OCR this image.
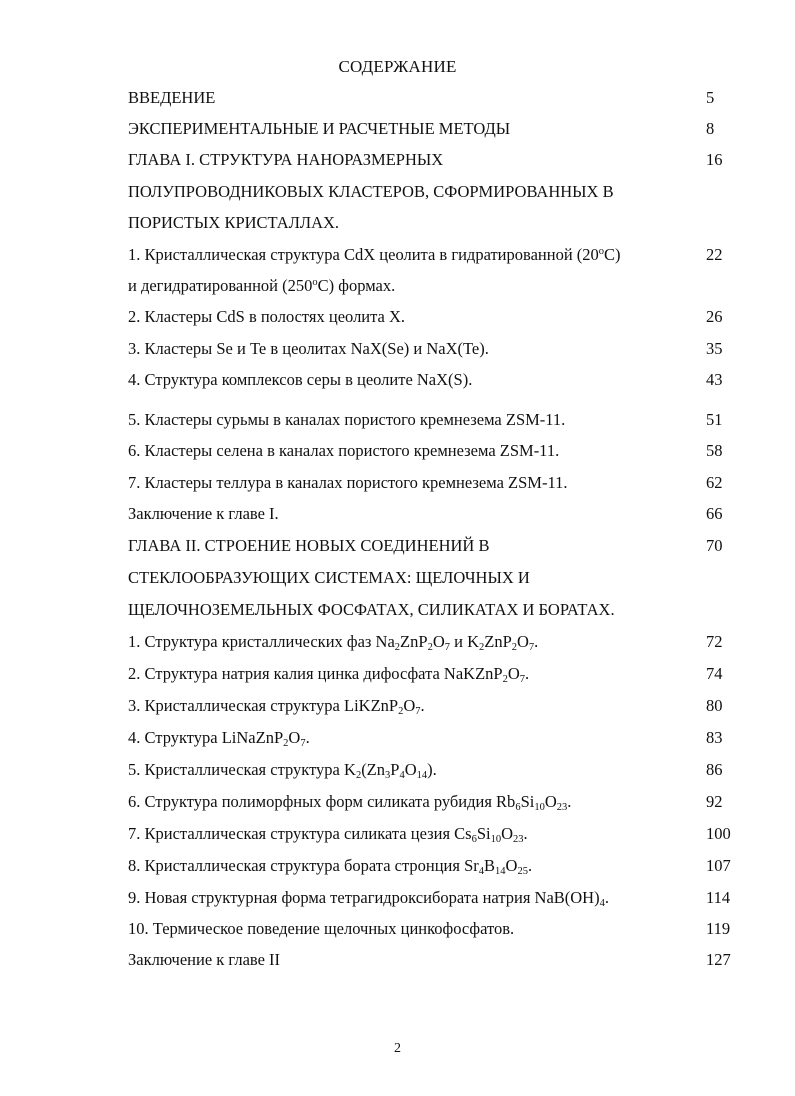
СОДЕРЖАНИЕ
ВВЕДЕНИЕ	5
ЭКСПЕРИМЕНТАЛЬНЫЕ И РАСЧЕТНЫЕ МЕТОДЫ	8
ГЛАВА I. СТРУКТУРА НАНОРАЗМЕРНЫХ	16
ПОЛУПРОВОДНИКОВЫХ КЛАСТЕРОВ, СФОРМИРОВАННЫХ В
ПОРИСТЫХ КРИСТАЛЛАХ.
1. Кристаллическая структура CdX цеолита в гидратированной (20$^o$C)	22
и дегидратированной (250$^o$C) формах.
2. Кластеры CdS в полостях цеолита X.	26
3. Кластеры Se и Te в цеолитах NaX(Se) и NaX(Te).	35
4. Структура комплексов серы в цеолите NaX(S).	43
5. Кластеры сурьмы в каналах пористого кремнезема ZSM-11.	51
6. Кластеры селена в каналах пористого кремнезема ZSM-11.	58
7. Кластеры теллура в каналах пористого кремнезема ZSM-11.	62
Заключение к главе I.	66
ГЛАВА II. СТРОЕНИЕ НОВЫХ СОЕДИНЕНИЙ В	70
СТЕКЛООБРАЗУЮЩИХ СИСТЕМАХ: ЩЕЛОЧНЫХ И
ЩЕЛОЧНОЗЕМЕЛЬНЫХ ФОСФАТАХ, СИЛИКАТАХ И БОРАТАХ.
1. Структура кристаллических фаз $Na_2ZnP_2O_7$ и $K_2ZnP_2O_7$.	72
2. Структура натрия калия цинка дифосфата $NaKZnP_2O_7$.	74
3. Кристаллическая структура $LiKZnP_2O_7$.	80
4. Структура $LiNaZnP_2O_7$.	83
5. Кристаллическая структура $K_2(Zn_3P_4O_{14})$.	86
6. Структура полиморфных форм силиката рубидия $Rb_6Si_{10}O_{23}$.	92
7. Кристаллическая структура силиката цезия $Cs_6Si_{10}O_{23}$.	100
8. Кристаллическая структура бората стронция $Sr_4B_{14}O_{25}$.	107
9. Новая структурная форма тетрагидроксибората натрия $NaB(OH)_4$.	114
10. Термическое поведение щелочных цинкофосфатов.	119
Заключение к главе II	127
2
